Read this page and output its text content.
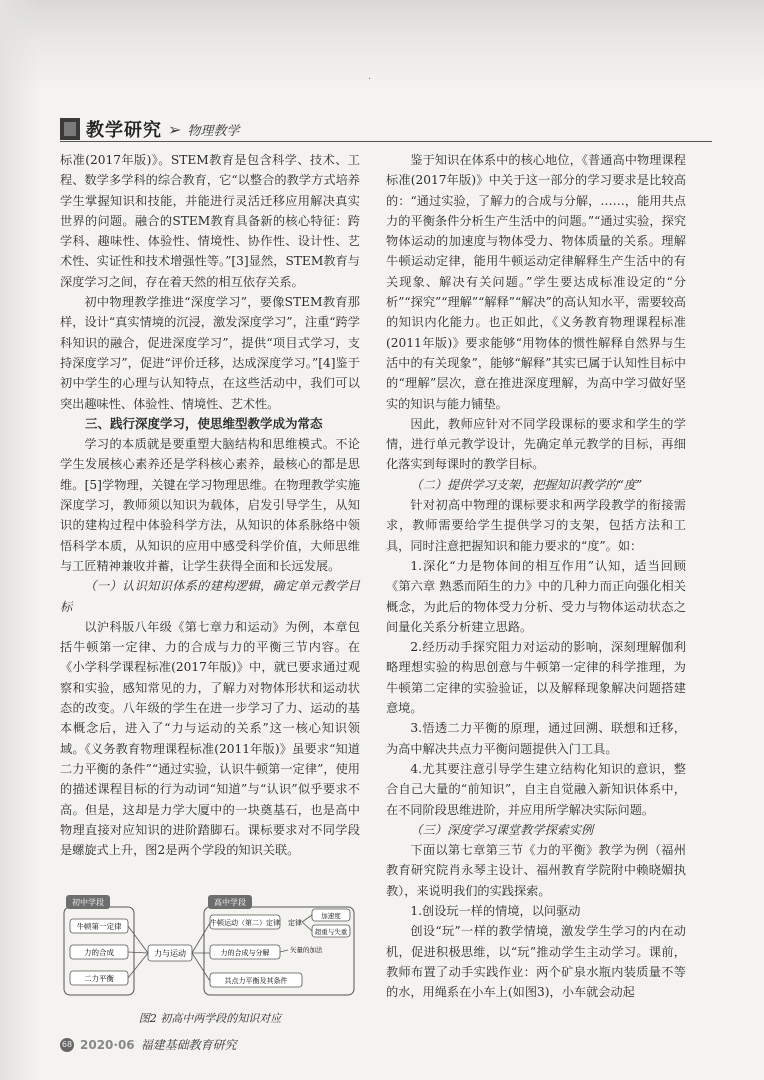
·
教学研究 ➢ 物理教学

标准(2017年版)》。STEM教育是包含科学、技术、工程、数学多学科的综合教育，它“以整合的教学方式培养学生掌握知识和技能，并能进行灵活迁移应用解决真实世界的问题。融合的STEM教育具备新的核心特征：跨学科、趣味性、体验性、情境性、协作性、设计性、艺术性、实证性和技术增强性等。”[3]显然，STEM教育与深度学习之间，存在着天然的相互依存关系。

初中物理教学推进“深度学习”，要像STEM教育那样，设计“真实情境的沉浸，激发深度学习”，注重“跨学科知识的融合，促进深度学习”，提供“项目式学习，支持深度学习”，促进“评价迁移，达成深度学习。”[4]鉴于初中学生的心理与认知特点，在这些活动中，我们可以突出趣味性、体验性、情境性、艺术性。

三、践行深度学习，使思维型教学成为常态

学习的本质就是要重塑大脑结构和思维模式。不论学生发展核心素养还是学科核心素养，最核心的都是思维。[5]学物理，关键在学习物理思维。在物理教学实施深度学习，教师须以知识为载体，启发引导学生，从知识的建构过程中体验科学方法，从知识的体系脉络中领悟科学本质，从知识的应用中感受科学价值，大师思维与工匠精神兼收并蓄，让学生获得全面和长远发展。

（一）认识知识体系的建构逻辑，确定单元教学目标

以沪科版八年级《第七章力和运动》为例，本章包括牛顿第一定律、力的合成与力的平衡三节内容。在《小学科学课程标准(2017年版)》中，就已要求通过观察和实验，感知常见的力，了解力对物体形状和运动状态的改变。八年级的学生在进一步学习了力、运动的基本概念后，进入了“力与运动的关系”这一核心知识领域。《义务教育物理课程标准(2011年版)》虽要求“知道二力平衡的条件”“通过实验，认识牛顿第一定律”，使用的描述课程目标的行为动词“知道”与“认识”似乎要求不高。但是，这却是力学大厦中的一块奠基石，也是高中物理直接对应知识的进阶踏脚石。课标要求对不同学段是螺旋式上升，图2是两个学段的知识关联。

初中学段
牛顿第一定律
力的合成
二力平衡
力与运动
高中学段
牛顿运动（第二）定律 定律
加速度
超重与失重
力的合成与分解	矢量的加法
共点力平衡及其条件
图2 初高中两学段的知识对应

鉴于知识在体系中的核心地位，《普通高中物理课程标准(2017年版)》中关于这一部分的学习要求是比较高的：“通过实验，了解力的合成与分解，……，能用共点力的平衡条件分析生产生活中的问题。”“通过实验，探究物体运动的加速度与物体受力、物体质量的关系。理解牛顿运动定律，能用牛顿运动定律解释生产生活中的有关现象、解决有关问题。”学生要达成标准设定的“分析”“探究”“理解”“解释”“解决”的高认知水平，需要较高的知识内化能力。也正如此，《义务教育物理课程标准(2011年版)》要求能够“用物体的惯性解释自然界与生活中的有关现象”，能够“解释”其实已属于认知性目标中的“理解”层次，意在推进深度理解，为高中学习做好坚实的知识与能力铺垫。

因此，教师应针对不同学段课标的要求和学生的学情，进行单元教学设计，先确定单元教学的目标，再细化落实到每课时的教学目标。

（二）提供学习支架，把握知识教学的“度”

针对初高中物理的课标要求和两学段教学的衔接需求，教师需要给学生提供学习的支架，包括方法和工具，同时注意把握知识和能力要求的“度”。如：

1.深化“力是物体间的相互作用”认知，适当回顾《第六章 熟悉而陌生的力》中的几种力而正向强化相关概念，为此后的物体受力分析、受力与物体运动状态之间量化关系分析建立思路。

2.经历动手探究阻力对运动的影响，深刻理解伽利略理想实验的构思创意与牛顿第一定律的科学推理，为牛顿第二定律的实验验证，以及解释现象解决问题搭建意境。

3.悟透二力平衡的原理，通过回溯、联想和迁移，为高中解决共点力平衡问题提供入门工具。

4.尤其要注意引导学生建立结构化知识的意识，整合自己大量的“前知识”，自主自觉融入新知识体系中，在不同阶段思维进阶，并应用所学解决实际问题。

（三）深度学习课堂教学探索实例

下面以第七章第三节《力的平衡》教学为例（福州教育研究院肖永琴主设计、福州教育学院附中赖晓媚执教），来说明我们的实践探索。

1.创设玩一样的情境，以问驱动

创设“玩”一样的教学情境，激发学生学习的内在动机，促进积极思维，以“玩”推动学生主动学习。课前，教师布置了动手实践作业：两个矿泉水瓶内装质量不等的水，用绳系在小车上(如图3)，小车就会动起

68 2020·06 福建基础教育研究
